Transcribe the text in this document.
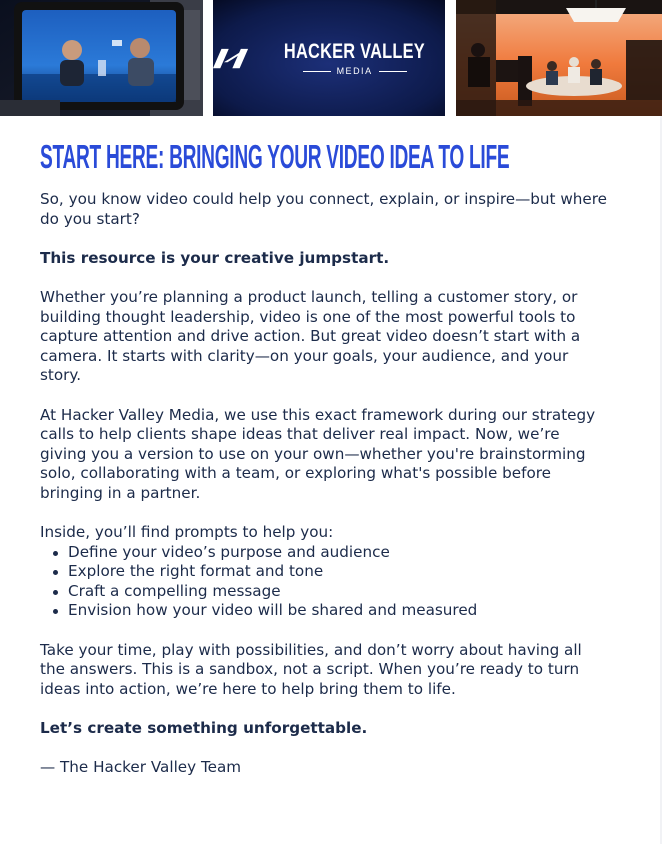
HACKER VALLEY
MEDIA
START HERE: BRINGING YOUR VIDEO IDEA TO LIFE

So, you know video could help you connect, explain, or inspire—but where do you start?

This resource is your creative jumpstart.

Whether you’re planning a product launch, telling a customer story, or building thought leadership, video is one of the most powerful tools to capture attention and drive action. But great video doesn’t start with a camera. It starts with clarity—on your goals, your audience, and your story.

At Hacker Valley Media, we use this exact framework during our strategy calls to help clients shape ideas that deliver real impact. Now, we’re giving you a version to use on your own—whether you're brainstorming solo, collaborating with a team, or exploring what's possible before bringing in a partner.

Inside, you’ll find prompts to help you:
Define your video’s purpose and audience
Explore the right format and tone
Craft a compelling message
Envision how your video will be shared and measured

Take your time, play with possibilities, and don’t worry about having all the answers. This is a sandbox, not a script. When you’re ready to turn ideas into action, we’re here to help bring them to life.

Let’s create something unforgettable.

— The Hacker Valley Team
